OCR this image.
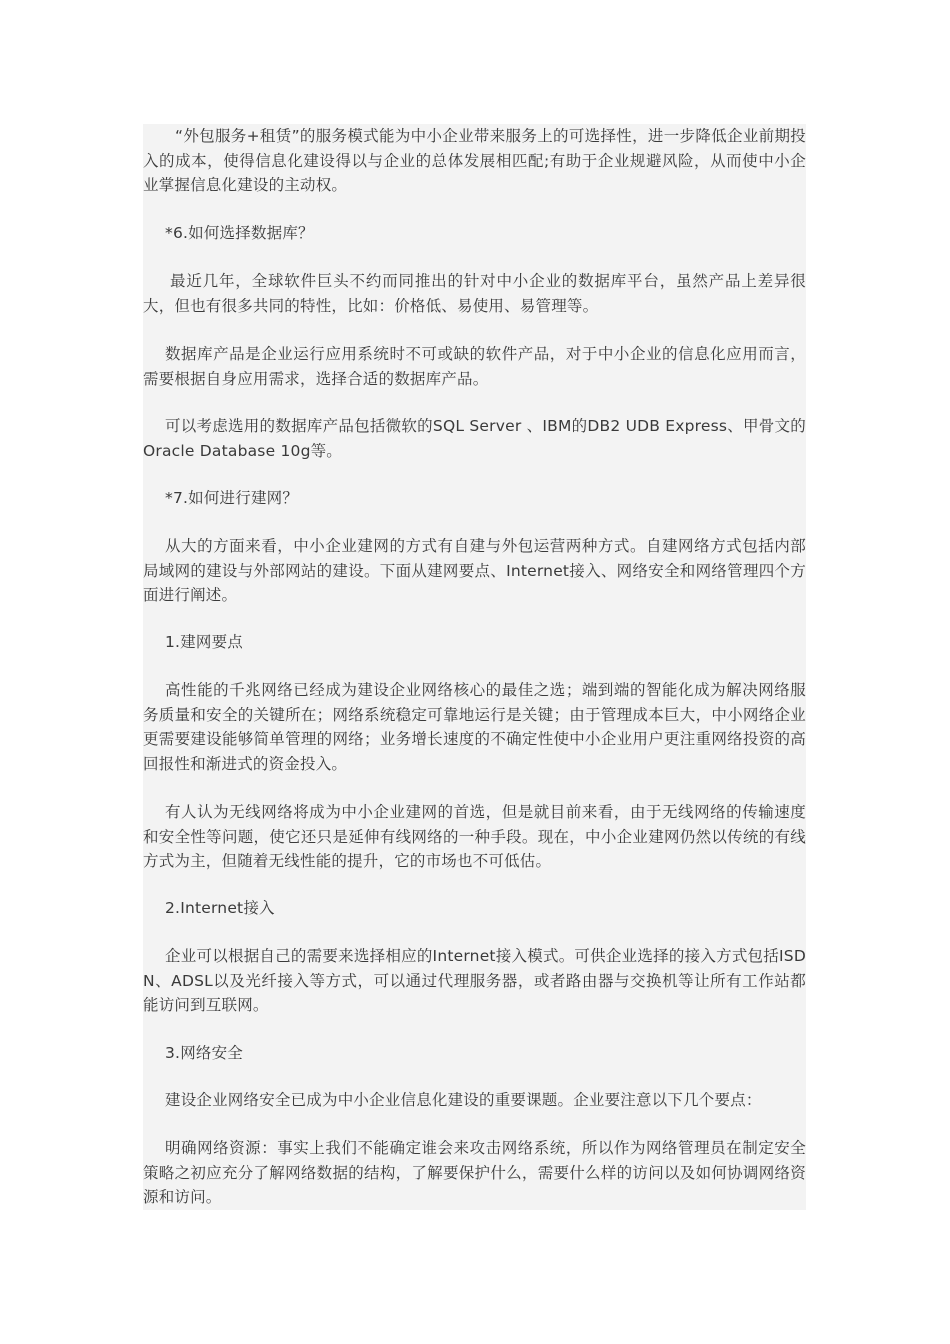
“外包服务+租赁”的服务模式能为中小企业带来服务上的可选择性，进一步降低企业前期投入的成本，使得信息化建设得以与企业的总体发展相匹配;有助于企业规避风险，从而使中小企业掌握信息化建设的主动权。

*6.如何选择数据库？

最近几年，全球软件巨头不约而同推出的针对中小企业的数据库平台，虽然产品上差异很大，但也有很多共同的特性，比如：价格低、易使用、易管理等。

数据库产品是企业运行应用系统时不可或缺的软件产品，对于中小企业的信息化应用而言，需要根据自身应用需求，选择合适的数据库产品。

可以考虑选用的数据库产品包括微软的SQL Server 、IBM的DB2 UDB Express、甲骨文的Oracle Database 10g等。

*7.如何进行建网？

从大的方面来看，中小企业建网的方式有自建与外包运营两种方式。自建网络方式包括内部局域网的建设与外部网站的建设。下面从建网要点、Internet接入、网络安全和网络管理四个方面进行阐述。

1.建网要点

高性能的千兆网络已经成为建设企业网络核心的最佳之选；端到端的智能化成为解决网络服务质量和安全的关键所在；网络系统稳定可靠地运行是关键；由于管理成本巨大，中小网络企业更需要建设能够简单管理的网络；业务增长速度的不确定性使中小企业用户更注重网络投资的高回报性和渐进式的资金投入。

有人认为无线网络将成为中小企业建网的首选，但是就目前来看，由于无线网络的传输速度和安全性等问题，使它还只是延伸有线网络的一种手段。现在，中小企业建网仍然以传统的有线方式为主，但随着无线性能的提升，它的市场也不可低估。

2.Internet接入

企业可以根据自己的需要来选择相应的Internet接入模式。可供企业选择的接入方式包括ISDN、ADSL以及光纤接入等方式，可以通过代理服务器，或者路由器与交换机等让所有工作站都能访问到互联网。

3.网络安全

建设企业网络安全已成为中小企业信息化建设的重要课题。企业要注意以下几个要点：

明确网络资源：事实上我们不能确定谁会来攻击网络系统，所以作为网络管理员在制定安全策略之初应充分了解网络数据的结构，了解要保护什么，需要什么样的访问以及如何协调网络资源和访问。
